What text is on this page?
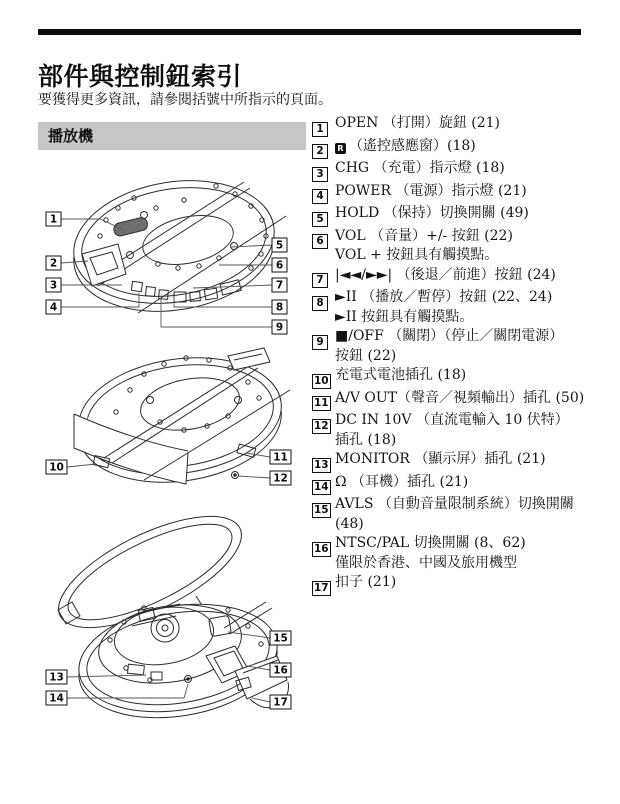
部件與控制鈕索引
要獲得更多資訊，請參閱括號中所指示的頁面。
播放機
1
2
3
4
5
6
7
8
9
10
11
12
13
14
15
16
17
1 OPEN （打開）旋鈕 (21)
2	R （遙控感應窗）(18)
3 CHG （充電）指示燈 (18)
4 POWER （電源）指示燈 (21)
5 HOLD （保持）切換開關 (49)
6 VOL （音量）+/- 按鈕 (22)
VOL + 按鈕具有觸摸點。
7 |◄◄/►►| （後退／前進）按鈕 (24)
8 ►II （播放／暫停）按鈕 (22、24)
►II 按鈕具有觸摸點。
9 ■/OFF （關閉）（停止／關閉電源）
按鈕 (22)
10 充電式電池插孔 (18)
11 A/V OUT（聲音／視頻輸出）插孔 (50)
12 DC IN 10V （直流電輸入 10 伏特）
插孔 (18)
13 MONITOR （顯示屏）插孔 (21)
14 Ω （耳機）插孔 (21)
15 AVLS （自動音量限制系統）切換開關
(48)
16 NTSC/PAL 切換開關 (8、62)
僅限於香港、中國及旅用機型
17 扣子 (21)
